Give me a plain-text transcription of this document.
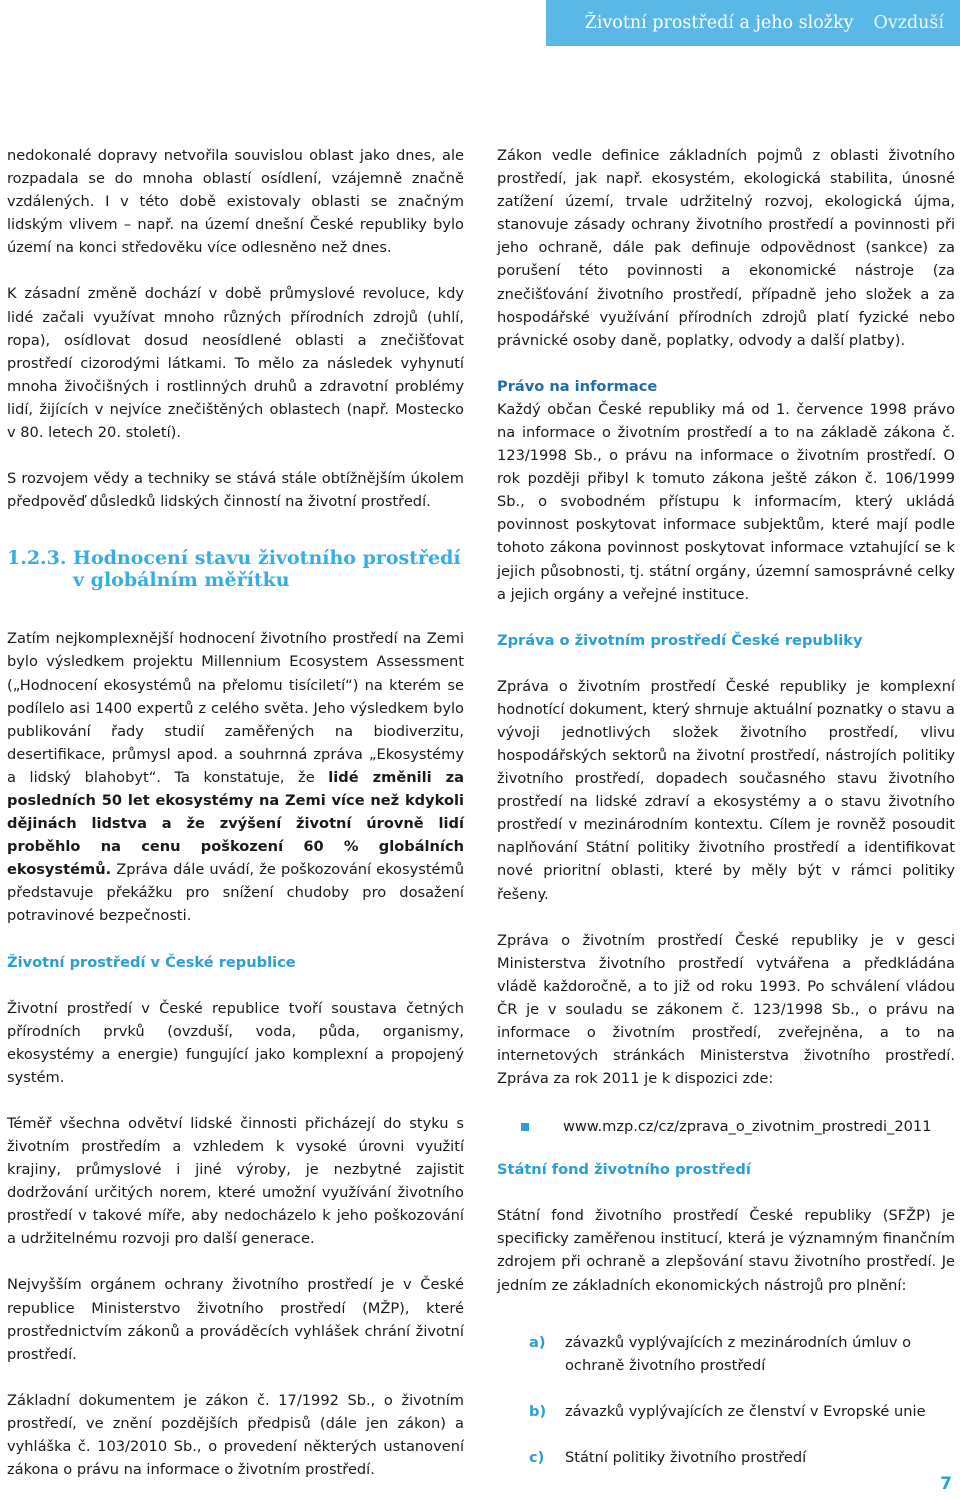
Životní prostředí a jeho složky Ovzduší

nedokonalé dopravy netvořila souvislou oblast jako dnes, ale rozpadala se do mnoha oblastí osídlení, vzájemně značně vzdálených. I v této době existovaly oblasti se značným lidským vlivem – např. na území dnešní České republiky bylo území na konci středověku více odlesněno než dnes.

K zásadní změně dochází v době průmyslové revoluce, kdy lidé začali využívat mnoho různých přírodních zdrojů (uhlí, ropa), osídlovat dosud neosídlené oblasti a znečišťovat prostředí cizorodými látkami. To mělo za následek vyhynutí mnoha živočišných i rostlinných druhů a zdravotní problémy lidí, žijících v nejvíce znečištěných oblastech (např. Mostecko v 80. letech 20. století).

S rozvojem vědy a techniky se stává stále obtížnějším úkolem předpověď důsledků lidských činností na životní prostředí.

1.2.3. Hodnocení stavu životního prostředí v globálním měřítku

Zatím nejkomplexnější hodnocení životního prostředí na Zemi bylo výsledkem projektu Millennium Ecosystem Assessment („Hodnocení ekosystémů na přelomu tisíciletí“) na kterém se podílelo asi 1400 expertů z celého světa. Jeho výsledkem bylo publikování řady studií zaměřených na biodiverzitu, desertifikace, průmysl apod. a souhrnná zpráva „Ekosystémy a lidský blahobyt“. Ta konstatuje, že lidé změnili za posledních 50 let ekosystémy na Zemi více než kdykoli dějinách lidstva a že zvýšení životní úrovně lidí proběhlo na cenu poškození 60 % globálních ekosystémů. Zpráva dále uvádí, že poškozování ekosystémů představuje překážku pro snížení chudoby pro dosažení potravinové bezpečnosti.

Životní prostředí v České republice

Životní prostředí v České republice tvoří soustava četných přírodních prvků (ovzduší, voda, půda, organismy, ekosystémy a energie) fungující jako komplexní a propojený systém.

Téměř všechna odvětví lidské činnosti přicházejí do styku s životním prostředím a vzhledem k vysoké úrovni využití krajiny, průmyslové i jiné výroby, je nezbytné zajistit dodržování určitých norem, které umožní využívání životního prostředí v takové míře, aby nedocházelo k jeho poškozování a udržitelnému rozvoji pro další generace.

Nejvyšším orgánem ochrany životního prostředí je v České republice Ministerstvo životního prostředí (MŽP), které prostřednictvím zákonů a prováděcích vyhlášek chrání životní prostředí.

Základní dokumentem je zákon č. 17/1992 Sb., o životním prostředí, ve znění pozdějších předpisů (dále jen zákon) a vyhláška č. 103/2010 Sb., o provedení některých ustanovení zákona o právu na informace o životním prostředí.

Zákon vedle definice základních pojmů z oblasti životního prostředí, jak např. ekosystém, ekologická stabilita, únosné zatížení území, trvale udržitelný rozvoj, ekologická újma, stanovuje zásady ochrany životního prostředí a povinnosti při jeho ochraně, dále pak definuje odpovědnost (sankce) za porušení této povinnosti a ekonomické nástroje (za znečišťování životního prostředí, případně jeho složek a za hospodářské využívání přírodních zdrojů platí fyzické nebo právnické osoby daně, poplatky, odvody a další platby).

Právo na informace

Každý občan České republiky má od 1. července 1998 právo na informace o životním prostředí a to na základě zákona č. 123/1998 Sb., o právu na informace o životním prostředí. O rok později přibyl k tomuto zákona ještě zákon č. 106/1999 Sb., o svobodném přístupu k informacím, který ukládá povinnost poskytovat informace subjektům, které mají podle tohoto zákona povinnost poskytovat informace vztahující se k jejich působnosti, tj. státní orgány, územní samosprávné celky a jejich orgány a veřejné instituce.

Zpráva o životním prostředí České republiky

Zpráva o životním prostředí České republiky je komplexní hodnotící dokument, který shrnuje aktuální poznatky o stavu a vývoji jednotlivých složek životního prostředí, vlivu hospodářských sektorů na životní prostředí, nástrojích politiky životního prostředí, dopadech současného stavu životního prostředí na lidské zdraví a ekosystémy a o stavu životního prostředí v mezinárodním kontextu. Cílem je rovněž posoudit naplňování Státní politiky životního prostředí a identifikovat nové prioritní oblasti, které by měly být v rámci politiky řešeny.

Zpráva o životním prostředí České republiky je v gesci Ministerstva životního prostředí vytvářena a předkládána vládě každoročně, a to již od roku 1993. Po schválení vládou ČR je v souladu se zákonem č. 123/1998 Sb., o právu na informace o životním prostředí, zveřejněna, a to na internetových stránkách Ministerstva životního prostředí. Zpráva za rok 2011 je k dispozici zde:

www.mzp.cz/cz/zprava_o_zivotnim_prostredi_2011
Státní fond životního prostředí

Státní fond životního prostředí České republiky (SFŽP) je specificky zaměřenou institucí, která je významným finančním zdrojem při ochraně a zlepšování stavu životního prostředí. Je jedním ze základních ekonomických nástrojů pro plnění:

a)	závazků vyplývajících z mezinárodních úmluv o ochraně životního prostředí
b)	závazků vyplývajících ze členství v Evropské unie
c)	Státní politiky životního prostředí
7
